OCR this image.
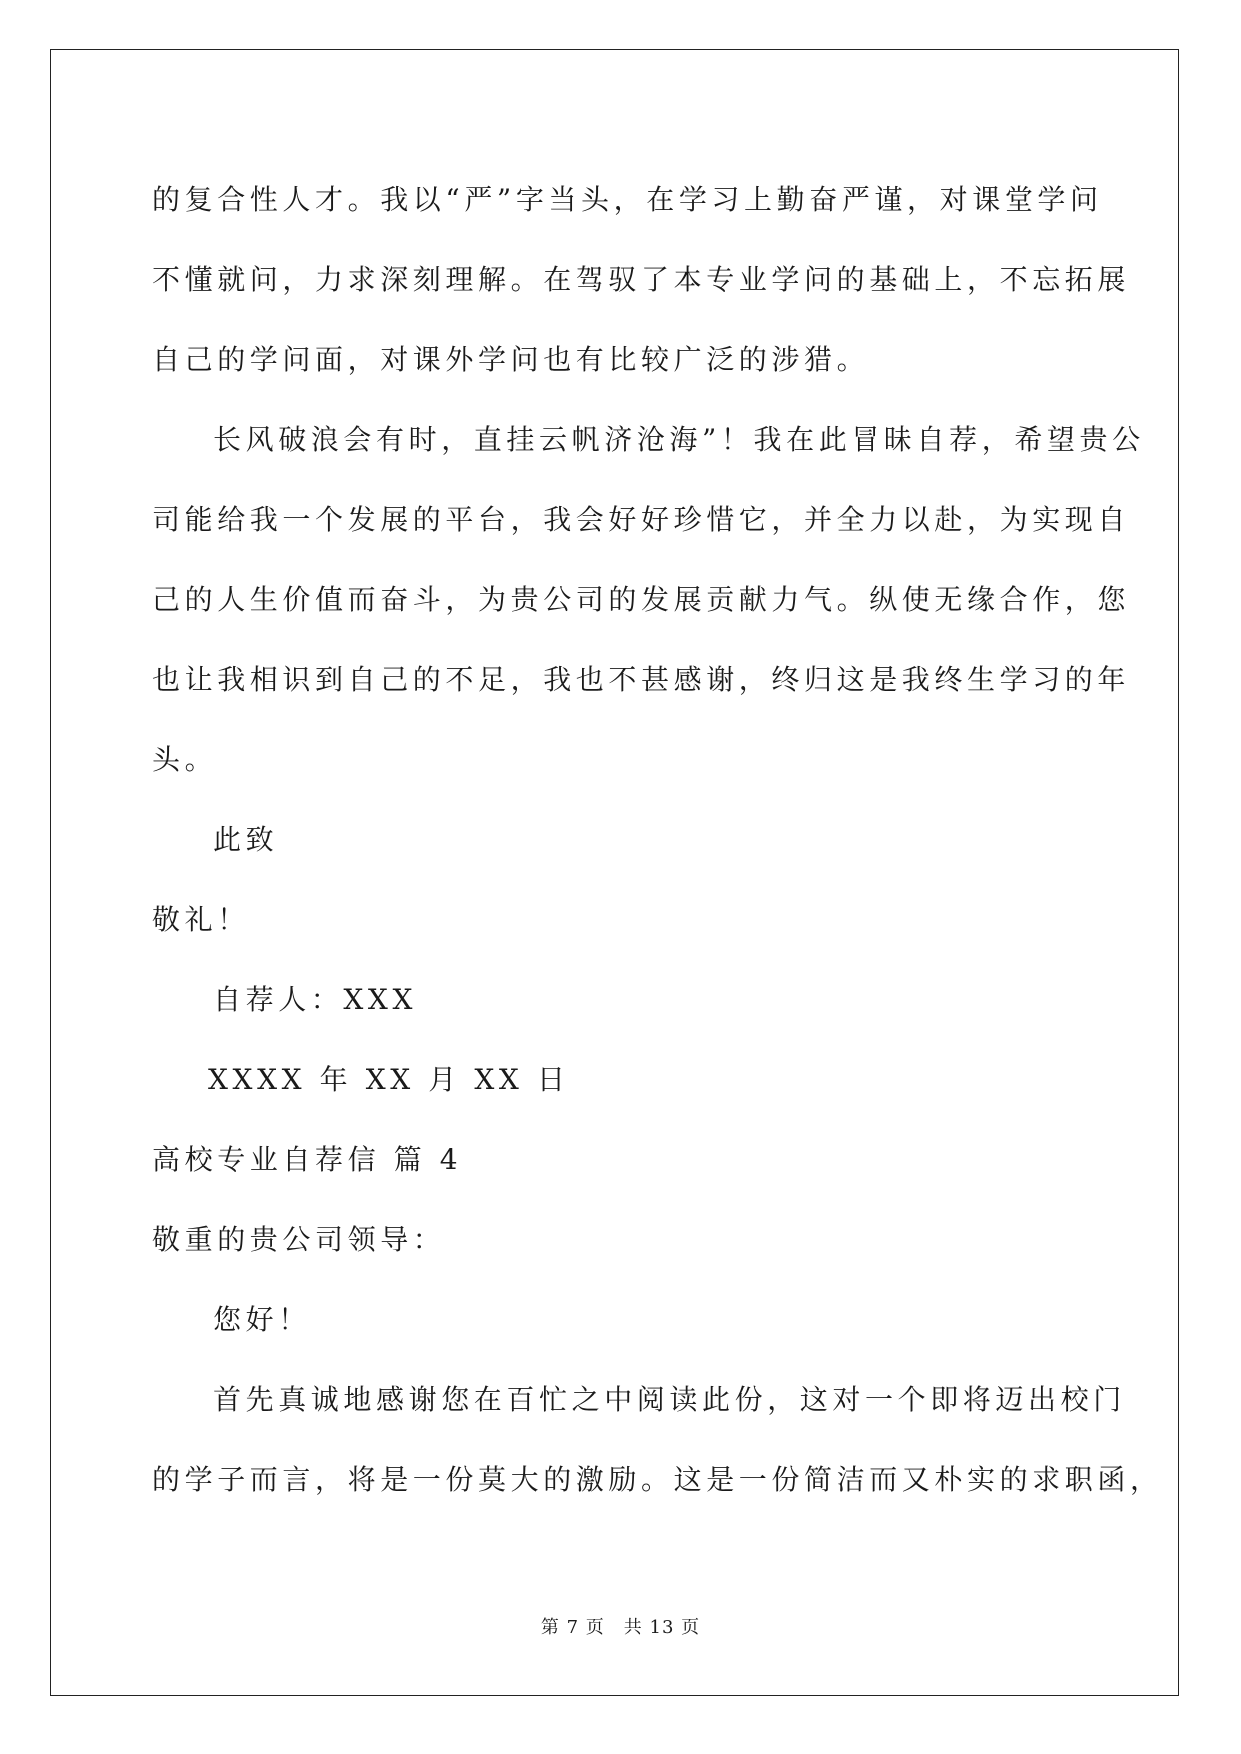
的复合性人才。我以“严”字当头，在学习上勤奋严谨，对课堂学问
不懂就问，力求深刻理解。在驾驭了本专业学问的基础上，不忘拓展
自己的学问面，对课外学问也有比较广泛的涉猎。
长风破浪会有时，直挂云帆济沧海”！我在此冒昧自荐，希望贵公
司能给我一个发展的平台，我会好好珍惜它，并全力以赴，为实现自
己的人生价值而奋斗，为贵公司的发展贡献力气。纵使无缘合作，您
也让我相识到自己的不足，我也不甚感谢，终归这是我终生学习的年
头。
此致
敬礼！
自荐人：XXX
XXXX 年 XX 月 XX 日
高校专业自荐信 篇 4
敬重的贵公司领导：
您好！
首先真诚地感谢您在百忙之中阅读此份，这对一个即将迈出校门
的学子而言，将是一份莫大的激励。这是一份简洁而又朴实的求职函，
第 7 页　共 13 页
